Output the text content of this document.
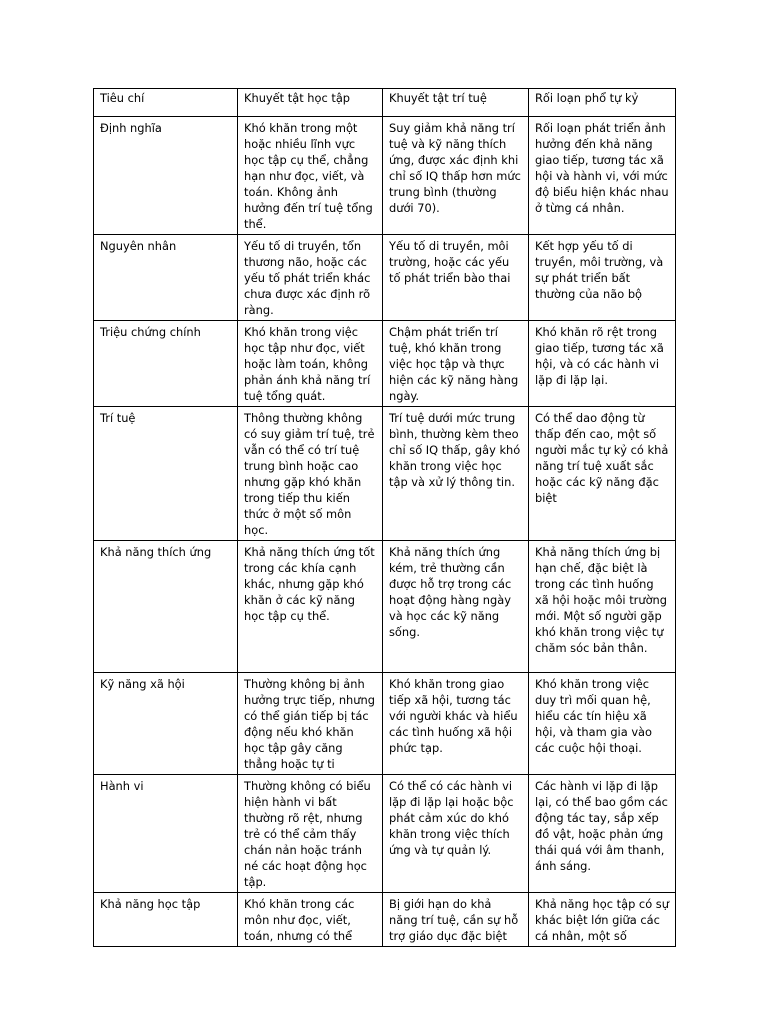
Tiêu chí	Khuyết tật học tập	Khuyết tật trí tuệ	Rối loạn phổ tự kỷ
Định nghĩa	Khó khăn trong một hoặc nhiều lĩnh vực học tập cụ thể, chẳng hạn như đọc, viết, và toán. Không ảnh hưởng đến trí tuệ tổng thể.	Suy giảm khả năng trí tuệ và kỹ năng thích ứng, được xác định khi chỉ số IQ thấp hơn mức trung bình (thường dưới 70).	Rối loạn phát triển ảnh hưởng đến khả năng giao tiếp, tương tác xã hội và hành vi, với mức độ biểu hiện khác nhau ở từng cá nhân.
Nguyên nhân	Yếu tố di truyền, tổn thương não, hoặc các yếu tố phát triển khác chưa được xác định rõ ràng.	Yếu tố di truyền, môi trường, hoặc các yếu tố phát triển bào thai	Kết hợp yếu tố di truyền, môi trường, và sự phát triển bất thường của não bộ
Triệu chứng chính	Khó khăn trong việc học tập như đọc, viết hoặc làm toán, không phản ánh khả năng trí tuệ tổng quát.	Chậm phát triển trí tuệ, khó khăn trong việc học tập và thực hiện các kỹ năng hàng ngày.	Khó khăn rõ rệt trong giao tiếp, tương tác xã hội, và có các hành vi lặp đi lặp lại.
Trí tuệ	Thông thường không có suy giảm trí tuệ, trẻ vẫn có thể có trí tuệ trung bình hoặc cao nhưng gặp khó khăn trong tiếp thu kiến thức ở một số môn học.	Trí tuệ dưới mức trung bình, thường kèm theo chỉ số IQ thấp, gây khó khăn trong việc học tập và xử lý thông tin.	Có thể dao động từ thấp đến cao, một số người mắc tự kỷ có khả năng trí tuệ xuất sắc hoặc các kỹ năng đặc biệt
Khả năng thích ứng	Khả năng thích ứng tốt trong các khía cạnh khác, nhưng gặp khó khăn ở các kỹ năng học tập cụ thể.	Khả năng thích ứng kém, trẻ thường cần được hỗ trợ trong các hoạt động hàng ngày và học các kỹ năng sống.	Khả năng thích ứng bị hạn chế, đặc biệt là trong các tình huống xã hội hoặc môi trường mới. Một số người gặp khó khăn trong việc tự chăm sóc bản thân.
Kỹ năng xã hội	Thường không bị ảnh hưởng trực tiếp, nhưng có thể gián tiếp bị tác động nếu khó khăn học tập gây căng thẳng hoặc tự ti	Khó khăn trong giao tiếp xã hội, tương tác với người khác và hiểu các tình huống xã hội phức tạp.	Khó khăn trong việc duy trì mối quan hệ, hiểu các tín hiệu xã hội, và tham gia vào các cuộc hội thoại.
Hành vi	Thường không có biểu hiện hành vi bất thường rõ rệt, nhưng trẻ có thể cảm thấy chán nản hoặc tránh né các hoạt động học tập.	Có thể có các hành vi lặp đi lặp lại hoặc bộc phát cảm xúc do khó khăn trong việc thích ứng và tự quản lý.	Các hành vi lặp đi lặp lại, có thể bao gồm các động tác tay, sắp xếp đồ vật, hoặc phản ứng thái quá với âm thanh, ánh sáng.
Khả năng học tập	Khó khăn trong các môn như đọc, viết, toán, nhưng có thể	Bị giới hạn do khả năng trí tuệ, cần sự hỗ trợ giáo dục đặc biệt	Khả năng học tập có sự khác biệt lớn giữa các cá nhân, một số
